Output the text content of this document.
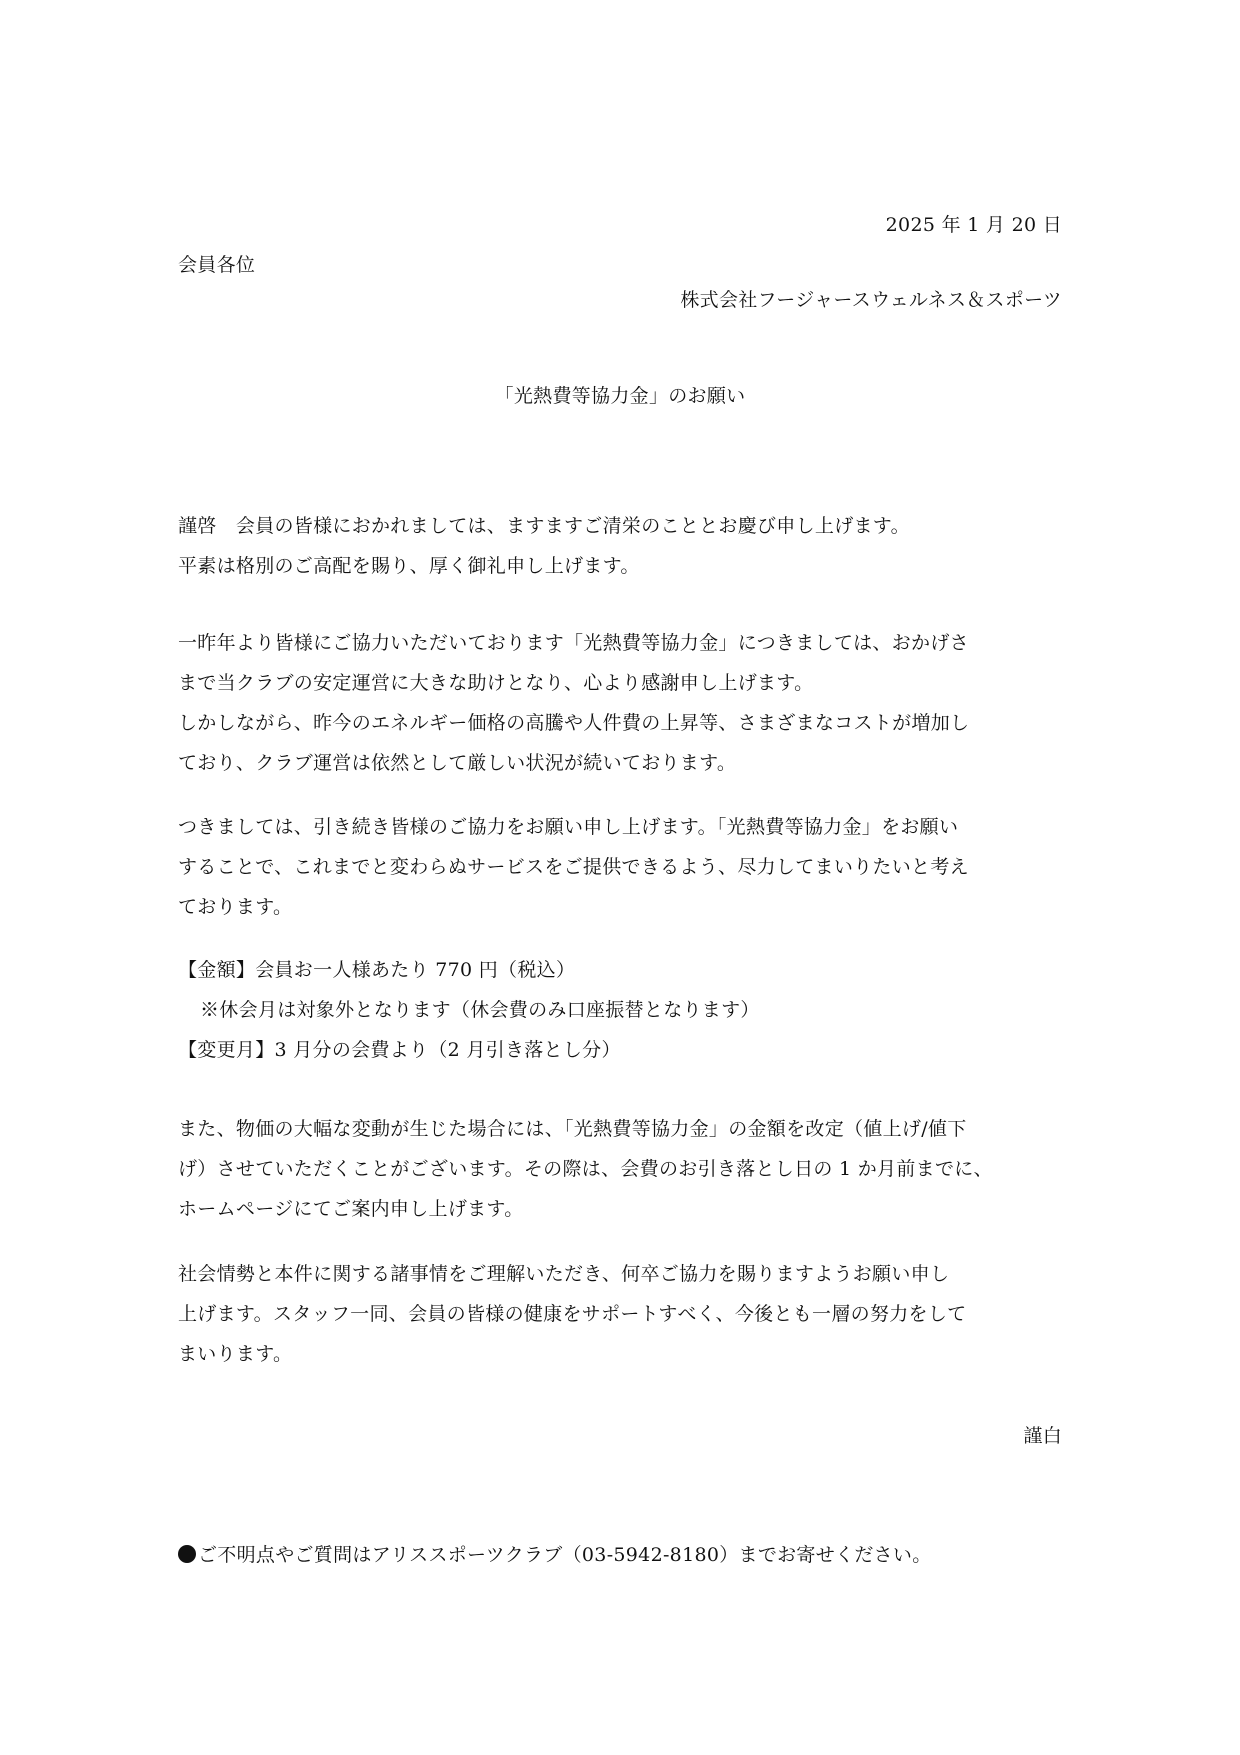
2025 年 1 月 20 日
会員各位
株式会社フージャースウェルネス＆スポーツ
「光熱費等協力金」のお願い
謹啓　会員の皆様におかれましては、ますますご清栄のこととお慶び申し上げます。
平素は格別のご高配を賜り、厚く御礼申し上げます。
一昨年より皆様にご協力いただいております「光熱費等協力金」につきましては、おかげさ
まで当クラブの安定運営に大きな助けとなり、心より感謝申し上げます。
しかしながら、昨今のエネルギー価格の高騰や人件費の上昇等、さまざまなコストが増加し
ており、クラブ運営は依然として厳しい状況が続いております。
つきましては、引き続き皆様のご協力をお願い申し上げます。「光熱費等協力金」をお願い
することで、これまでと変わらぬサービスをご提供できるよう、尽力してまいりたいと考え
ております。
【金額】会員お一人様あたり 770 円（税込）
※休会月は対象外となります（休会費のみ口座振替となります）
【変更月】3 月分の会費より（2 月引き落とし分）
また、物価の大幅な変動が生じた場合には、「光熱費等協力金」の金額を改定（値上げ/値下
げ）させていただくことがございます。その際は、会費のお引き落とし日の 1 か月前までに、
ホームページにてご案内申し上げます。
社会情勢と本件に関する諸事情をご理解いただき、何卒ご協力を賜りますようお願い申し
上げます。スタッフ一同、会員の皆様の健康をサポートすべく、今後とも一層の努力をして
まいります。
謹白
ご不明点やご質問はアリススポーツクラブ（03-5942-8180）までお寄せください。
